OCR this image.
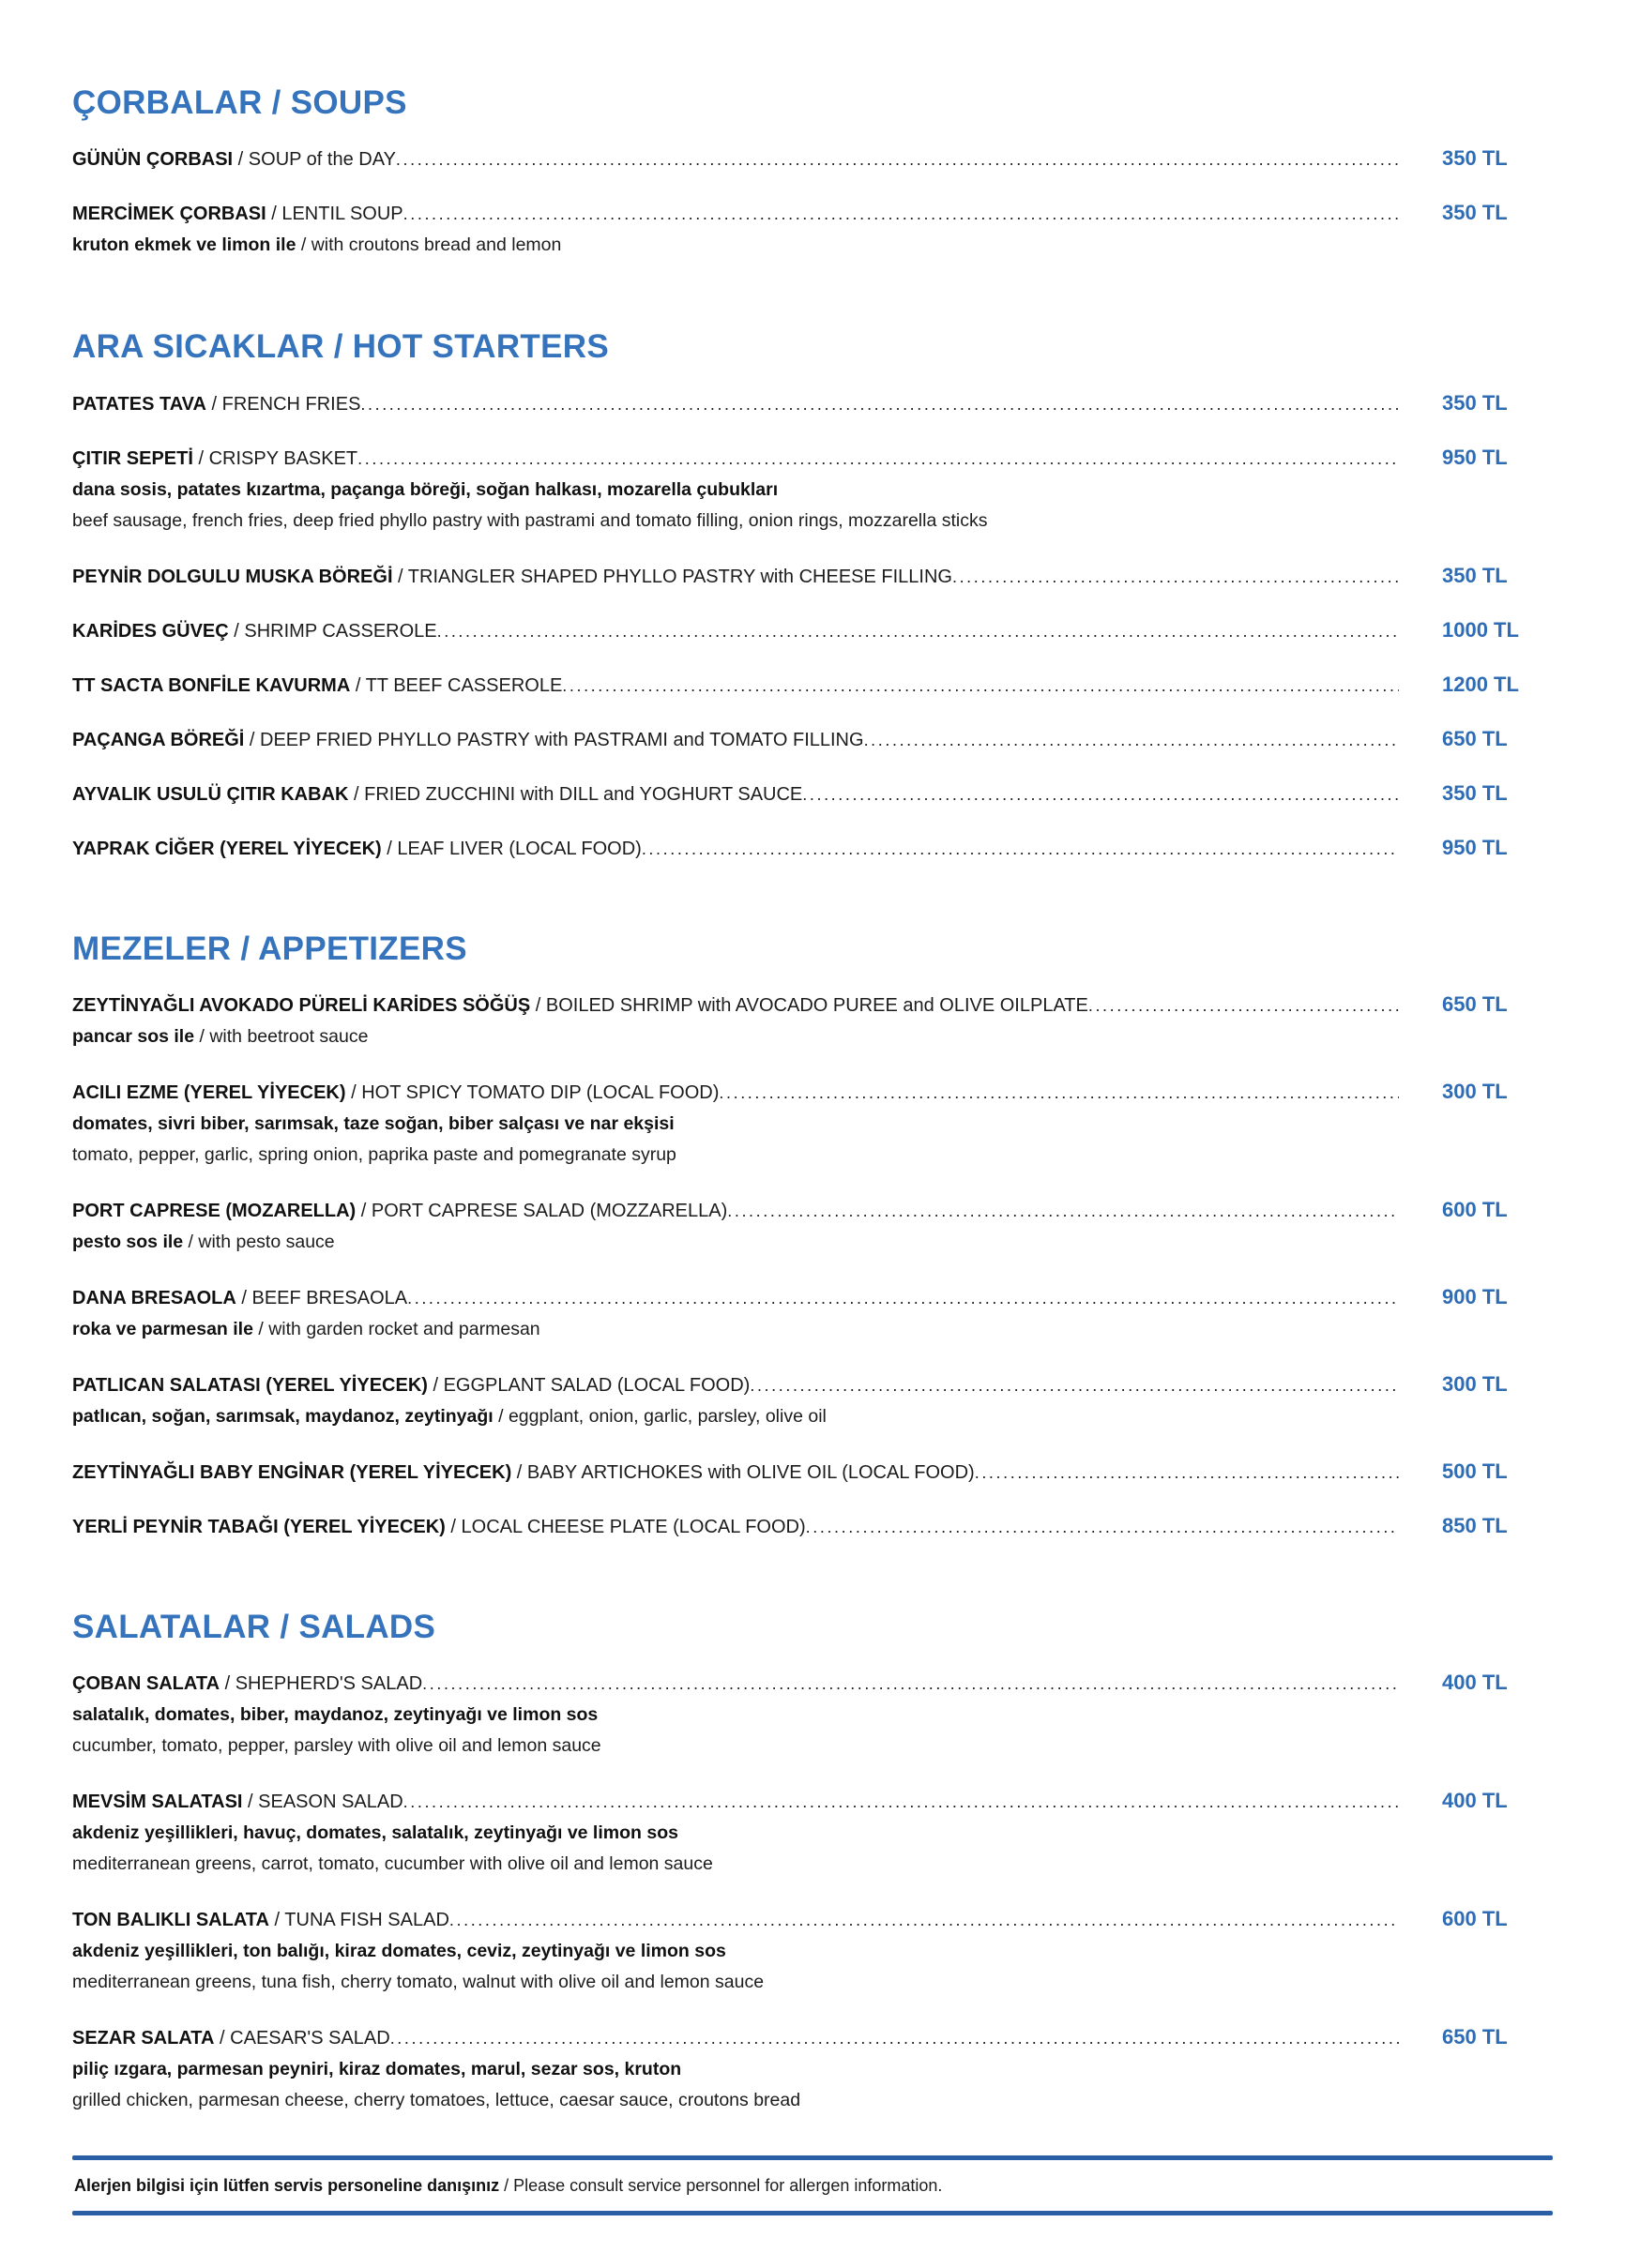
ÇORBALAR / SOUPS
GÜNÜN ÇORBASI / SOUP of the DAY .....	350 TL
MERCİMEK ÇORBASI / LENTIL SOUP .....	350 TL
kruton ekmek ve limon ile / with croutons bread and lemon
ARA SICAKLAR / HOT STARTERS
PATATES TAVA / FRENCH FRIES .....	350 TL
ÇITIR SEPETİ / CRISPY BASKET .....	950 TL
dana sosis, patates kızartma, paçanga böreği, soğan halkası, mozarella çubukları
beef sausage, french fries, deep fried phyllo pastry with pastrami and tomato filling, onion rings, mozzarella sticks
PEYNİR DOLGULU MUSKA BÖREĞİ / TRIANGLER SHAPED PHYLLO PASTRY with CHEESE FILLING .....	350 TL
KARİDES GÜVEÇ / SHRIMP CASSEROLE .....	1000 TL
TT SACTA BONFİLE KAVURMA / TT BEEF CASSEROLE .....	1200 TL
PAÇANGA BÖREĞİ / DEEP FRIED PHYLLO PASTRY with PASTRAMI and TOMATO FILLING .....	650 TL
AYVALIK USULÜ ÇITIR KABAK / FRIED ZUCCHINI with DILL and YOGHURT SAUCE .....	350 TL
YAPRAK CİĞER (YEREL YİYECEK) / LEAF LIVER (LOCAL FOOD) .....	950 TL
MEZELER / APPETIZERS
ZEYTİNYAĞLI AVOKADO PÜRELİ KARİDES SÖĞÜŞ / BOILED SHRIMP with AVOCADO PUREE and OLIVE OILPLATE .....	650 TL
pancar sos ile / with beetroot sauce
ACILI EZME (YEREL YİYECEK) / HOT SPICY TOMATO DIP (LOCAL FOOD) .....	300 TL
domates, sivri biber, sarımsak, taze soğan, biber salçası ve nar ekşisi
tomato, pepper, garlic, spring onion, paprika paste and pomegranate syrup
PORT CAPRESE (MOZARELLA) / PORT CAPRESE SALAD (MOZZARELLA) .....	600 TL
pesto sos ile / with pesto sauce
DANA BRESAOLA / BEEF BRESAOLA .....	900 TL
roka ve parmesan ile / with garden rocket and parmesan
PATLICAN SALATASI (YEREL YİYECEK) / EGGPLANT SALAD (LOCAL FOOD) .....	300 TL
patlıcan, soğan, sarımsak, maydanoz, zeytinyağı / eggplant, onion, garlic, parsley, olive oil
ZEYTİNYAĞLI BABY ENGİNAR (YEREL YİYECEK) / BABY ARTICHOKES with OLIVE OIL (LOCAL FOOD) .....	500 TL
YERLİ PEYNİR TABAĞI (YEREL YİYECEK) / LOCAL CHEESE PLATE (LOCAL FOOD) .....	850 TL
SALATALAR / SALADS
ÇOBAN SALATA / SHEPHERD'S SALAD .....	400 TL
salatalık, domates, biber, maydanoz, zeytinyağı ve limon sos
cucumber, tomato, pepper, parsley with olive oil and lemon sauce
MEVSİM SALATASI / SEASON SALAD .....	400 TL
akdeniz yeşillikleri, havuç, domates, salatalık, zeytinyağı ve limon sos
mediterranean greens, carrot, tomato, cucumber with olive oil and lemon sauce
TON BALIKLI SALATA / TUNA FISH SALAD .....	600 TL
akdeniz yeşillikleri, ton balığı, kiraz domates, ceviz, zeytinyağı ve limon sos
mediterranean greens, tuna fish, cherry tomato, walnut with olive oil and lemon sauce
SEZAR SALATA / CAESAR'S SALAD .....	650 TL
piliç ızgara, parmesan peyniri, kiraz domates, marul, sezar sos, kruton
grilled chicken, parmesan cheese, cherry tomatoes, lettuce, caesar sauce, croutons bread
Alerjen bilgisi için lütfen servis personeline danışınız / Please consult service personnel for allergen information.
